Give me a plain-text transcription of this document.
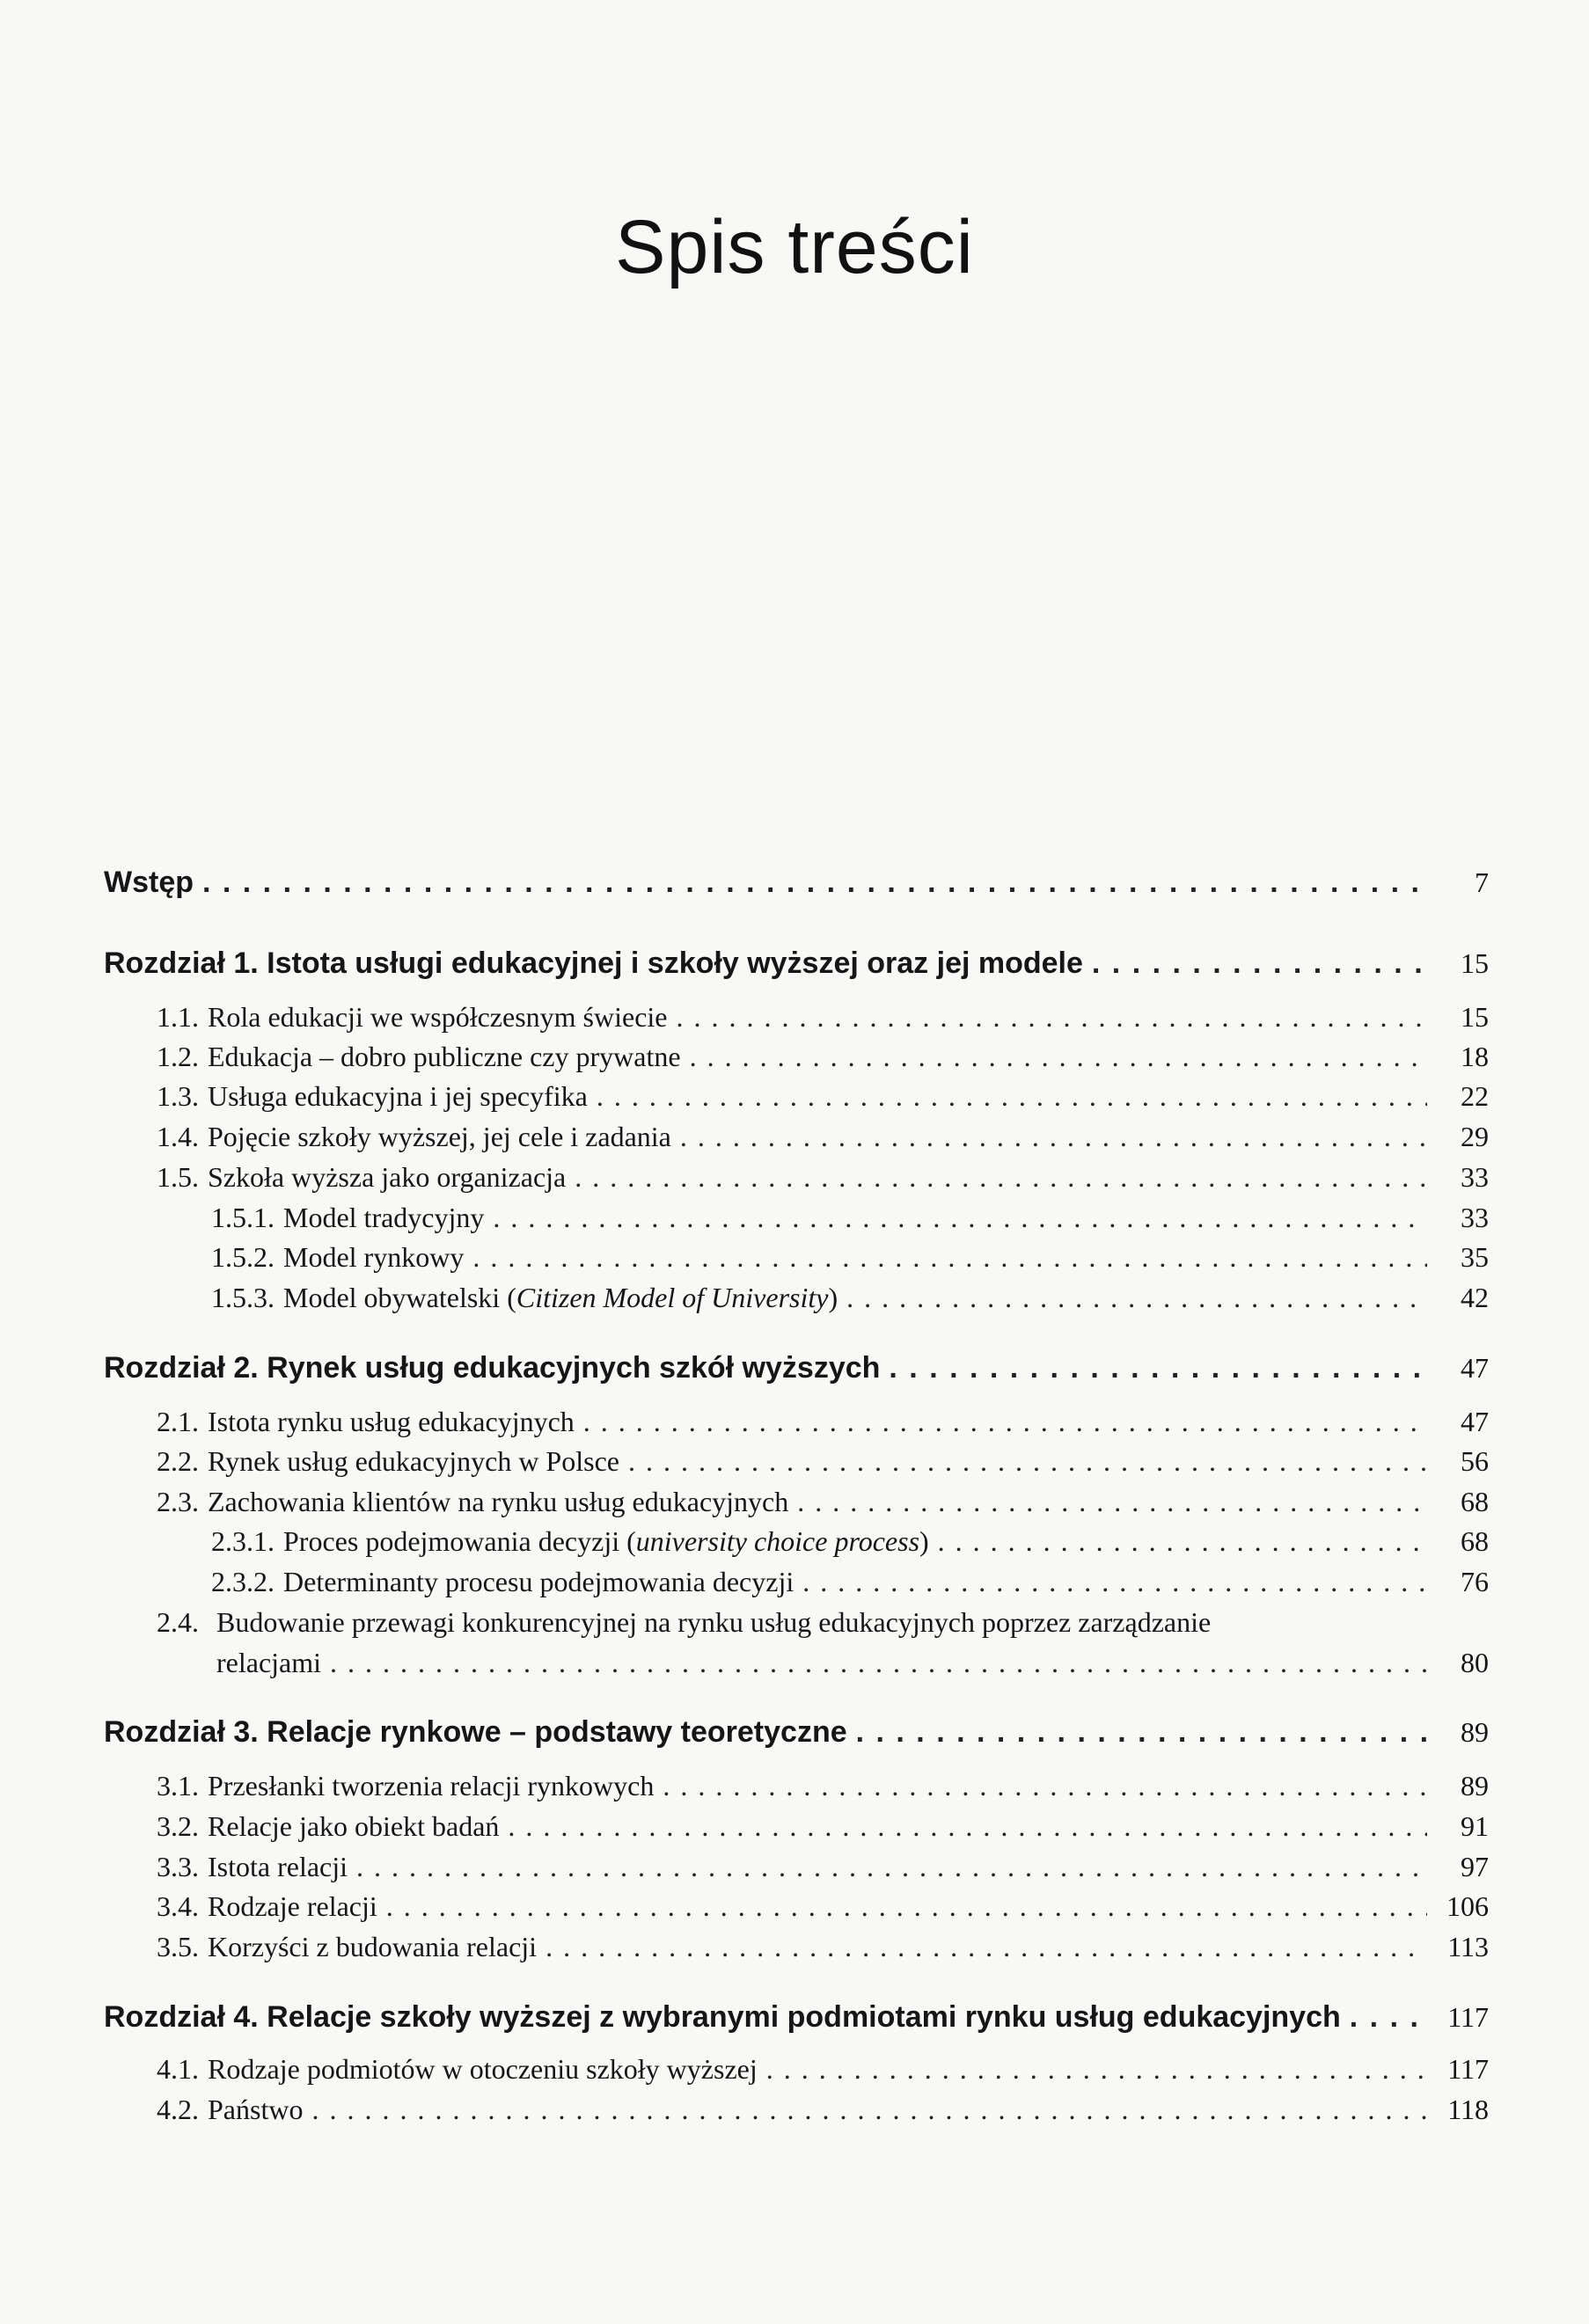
Spis treści
Wstęp . . .	7
Rozdział 1. Istota usługi edukacyjnej i szkoły wyższej oraz jej modele . . .	15
1.1. Rola edukacji we współczesnym świecie . . .	15
1.2. Edukacja – dobro publiczne czy prywatne . . .	18
1.3. Usługa edukacyjna i jej specyfika . . .	22
1.4. Pojęcie szkoły wyższej, jej cele i zadania . . .	29
1.5. Szkoła wyższa jako organizacja . . .	33
1.5.1. Model tradycyjny . . .	33
1.5.2. Model rynkowy . . .	35
1.5.3. Model obywatelski (Citizen Model of University) . . .	42
Rozdział 2. Rynek usług edukacyjnych szkół wyższych . . .	47
2.1. Istota rynku usług edukacyjnych . . .	47
2.2. Rynek usług edukacyjnych w Polsce . . .	56
2.3. Zachowania klientów na rynku usług edukacyjnych . . .	68
2.3.1. Proces podejmowania decyzji (university choice process) . . .	68
2.3.2. Determinanty procesu podejmowania decyzji . . .	76
2.4. Budowanie przewagi konkurencyjnej na rynku usług edukacyjnych poprzez zarządzanie
relacjami . . .	80
Rozdział 3. Relacje rynkowe – podstawy teoretyczne . . .	89
3.1. Przesłanki tworzenia relacji rynkowych . . .	89
3.2. Relacje jako obiekt badań . . .	91
3.3. Istota relacji . . .	97
3.4. Rodzaje relacji . . .	106
3.5. Korzyści z budowania relacji . . .	113
Rozdział 4. Relacje szkoły wyższej z wybranymi podmiotami rynku usług edukacyjnych . . .	117
4.1. Rodzaje podmiotów w otoczeniu szkoły wyższej . . .	117
4.2. Państwo . . .	118
